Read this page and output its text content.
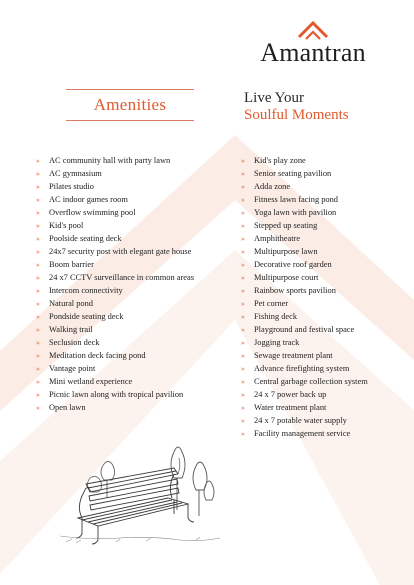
Amantran
Amenities	Live Your
Soulful Moments
» AC community hall with party lawn
» AC gymnasium
» Pilates studio
» AC indoor games room
» Overflow swimming pool
» Kid's pool
» Poolside seating deck
» 24x7 security post with elegant gate house
» Boom barrier
» 24 x7 CCTV surveillance in common areas
» Intercom connectivity
» Natural pond
» Pondside seating deck
» Walking trail
» Seclusion deck
» Meditation deck facing pond
» Vantage point
» Mini wetland experience
» Picnic lawn along with tropical pavilion
» Open lawn
» Kid's play zone
» Senior seating pavilion
» Adda zone
» Fitness lawn facing pond
» Yoga lawn with pavilion
» Stepped up seating
» Amphitheatre
» Multipurpose lawn
» Decorative roof garden
» Multipurpose court
» Rainbow sports pavilion
» Pet corner
» Fishing deck
» Playground and festival space
» Jogging track
» Sewage treatment plant
» Advance firefighting system
» Central garbage collection system
» 24 x 7 power back up
» Water treatment plant
» 24 x 7 potable water supply
» Facility management service
